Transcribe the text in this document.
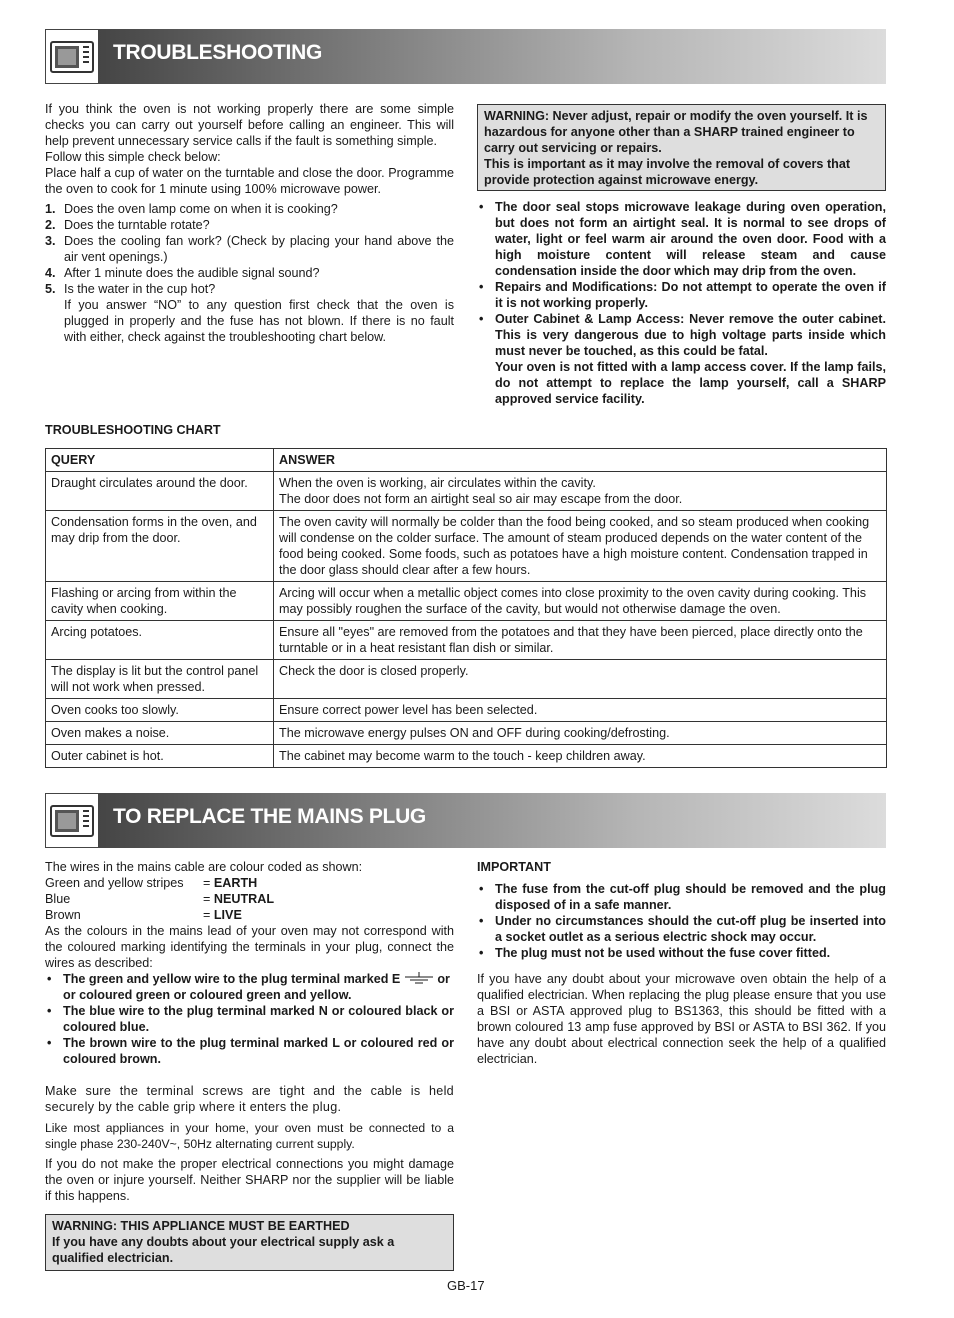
TROUBLESHOOTING

If you think the oven is not working properly there are some simple checks you can carry out yourself before calling an engineer. This will help prevent unnecessary service calls if the fault is something simple.

Follow this simple check below:

Place half a cup of water on the turntable and close the door. Programme the oven to cook for 1 minute using 100% microwave power.

1. Does the oven lamp come on when it is cooking?
2. Does the turntable rotate?
3. Does the cooling fan work? (Check by placing your hand above the air vent openings.)
4. After 1 minute does the audible signal sound?
5. Is the water in the cup hot?

If you answer “NO” to any question first check that the oven is plugged in properly and the fuse has not blown. If there is no fault with either, check against the troubleshooting chart below.

WARNING: Never adjust, repair or modify the oven yourself. It is hazardous for anyone other than a SHARP trained engineer to carry out servicing or repairs.

This is important as it may involve the removal of covers that provide protection against microwave energy.

• The door seal stops microwave leakage during oven operation, but does not form an airtight seal. It is normal to see drops of water, light or feel warm air around the oven door. Food with a high moisture content will release steam and cause condensation inside the door which may drip from the oven.
• Repairs and Modifications: Do not attempt to operate the oven if it is not working properly.
• Outer Cabinet & Lamp Access: Never remove the outer cabinet. This is very dangerous due to high voltage parts inside which must never be touched, as this could be fatal.

Your oven is not fitted with a lamp access cover. If the lamp fails, do not attempt to replace the lamp yourself, call a SHARP approved service facility.

TROUBLESHOOTING CHART
QUERY	ANSWER
Draught circulates around the door.	When the oven is working, air circulates within the cavity.
The door does not form an airtight seal so air may escape from the door.

Condensation forms in the oven, and may drip from the door.	The oven cavity will normally be colder than the food being cooked, and so steam produced when cooking will condense on the colder surface. The amount of steam produced depends on the water content of the food being cooked. Some foods, such as potatoes have a high moisture content. Condensation trapped in the door glass should clear after a few hours.
Flashing or arcing from within the cavity when cooking.	Arcing will occur when a metallic object comes into close proximity to the oven cavity during cooking. This may possibly roughen the surface of the cavity, but would not otherwise damage the oven.
Arcing potatoes.	Ensure all "eyes" are removed from the potatoes and that they have been pierced, place directly onto the turntable or in a heat resistant flan dish or similar.
The display is lit but the control panel will not work when pressed.	Check the door is closed properly.
Oven cooks too slowly.	Ensure correct power level has been selected.
Oven makes a noise.	The microwave energy pulses ON and OFF during cooking/defrosting.
Outer cabinet is hot.	The cabinet may become warm to the touch - keep children away.
TO REPLACE THE MAINS PLUG

The wires in the mains cable are colour coded as shown:

Green and yellow stripes	= EARTH
Blue	= NEUTRAL
Brown	= LIVE

As the colours in the mains lead of your oven may not correspond with the coloured marking identifying the terminals in your plug, connect the wires as described:

• The green and yellow wire to the plug terminal marked E	or
or coloured green or coloured green and yellow.
• The blue wire to the plug terminal marked N or coloured black or coloured blue.
• The brown wire to the plug terminal marked L or coloured red or coloured brown.

Make sure the terminal screws are tight and the cable is held securely by the cable grip where it enters the plug.

Like most appliances in your home, your oven must be connected to a single phase 230-240V~, 50Hz alternating current supply.

If you do not make the proper electrical connections you might damage the oven or injure yourself. Neither SHARP nor the supplier will be liable if this happens.

WARNING: THIS APPLIANCE MUST BE EARTHED

If you have any doubts about your electrical supply ask a qualified electrician.

IMPORTANT

• The fuse from the cut-off plug should be removed and the plug disposed of in a safe manner.
• Under no circumstances should the cut-off plug be inserted into a socket outlet as a serious electric shock may occur.
• The plug must not be used without the fuse cover fitted.

If you have any doubt about your microwave oven obtain the help of a qualified electrician. When replacing the plug please ensure that you use a BSI or ASTA approved plug to BS1363, this should be fitted with a brown coloured 13 amp fuse approved by BSI or ASTA to BSI 362. If you have any doubt about electrical connection seek the help of a qualified electrician.

GB-17
